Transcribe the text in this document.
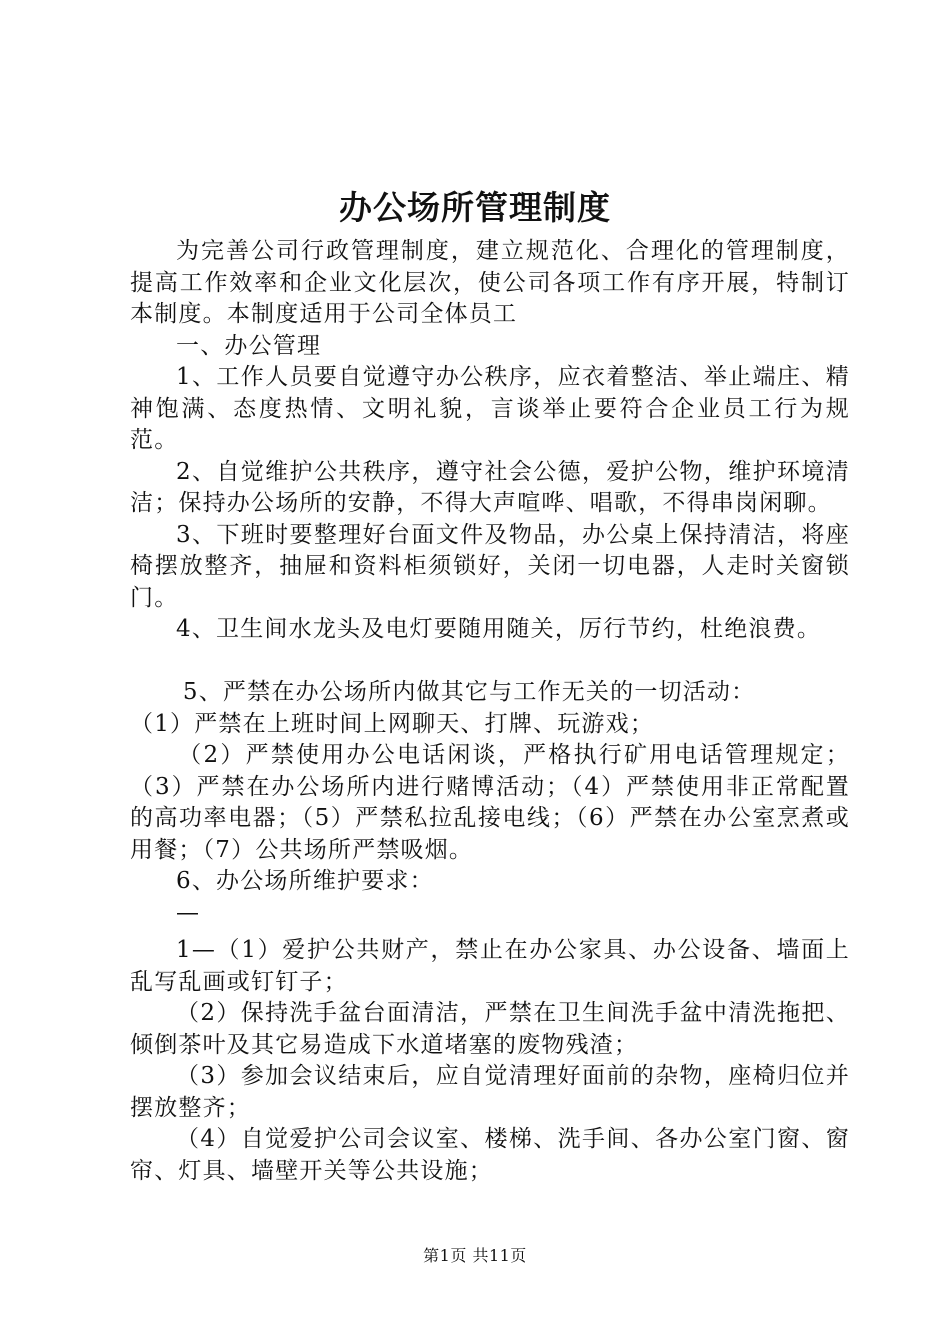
办公场所管理制度

为完善公司行政管理制度，建立规范化、合理化的管理制度，提高工作效率和企业文化层次，使公司各项工作有序开展，特制订本制度。本制度适用于公司全体员工

一、办公管理

1、工作人员要自觉遵守办公秩序，应衣着整洁、举止端庄、精神饱满、态度热情、文明礼貌，言谈举止要符合企业员工行为规范。

2、自觉维护公共秩序，遵守社会公德，爱护公物，维护环境清洁；保持办公场所的安静，不得大声喧哗、唱歌，不得串岗闲聊。

3、下班时要整理好台面文件及物品，办公桌上保持清洁，将座椅摆放整齐，抽屉和资料柜须锁好，关闭一切电器，人走时关窗锁门。

4、卫生间水龙头及电灯要随用随关，厉行节约，杜绝浪费。

5、严禁在办公场所内做其它与工作无关的一切活动：

（1）严禁在上班时间上网聊天、打牌、玩游戏；

（2）严禁使用办公电话闲谈，严格执行矿用电话管理规定；（3）严禁在办公场所内进行赌博活动；（4）严禁使用非正常配置的高功率电器；（5）严禁私拉乱接电线；（6）严禁在办公室烹煮或用餐；（7）公共场所严禁吸烟。

6、办公场所维护要求：

—

1—（1）爱护公共财产，禁止在办公家具、办公设备、墙面上乱写乱画或钉钉子；

（2）保持洗手盆台面清洁，严禁在卫生间洗手盆中清洗拖把、倾倒茶叶及其它易造成下水道堵塞的废物残渣；

（3）参加会议结束后，应自觉清理好面前的杂物，座椅归位并摆放整齐；

（4）自觉爱护公司会议室、楼梯、洗手间、各办公室门窗、窗帘、灯具、墙壁开关等公共设施；

第1页 共11页
